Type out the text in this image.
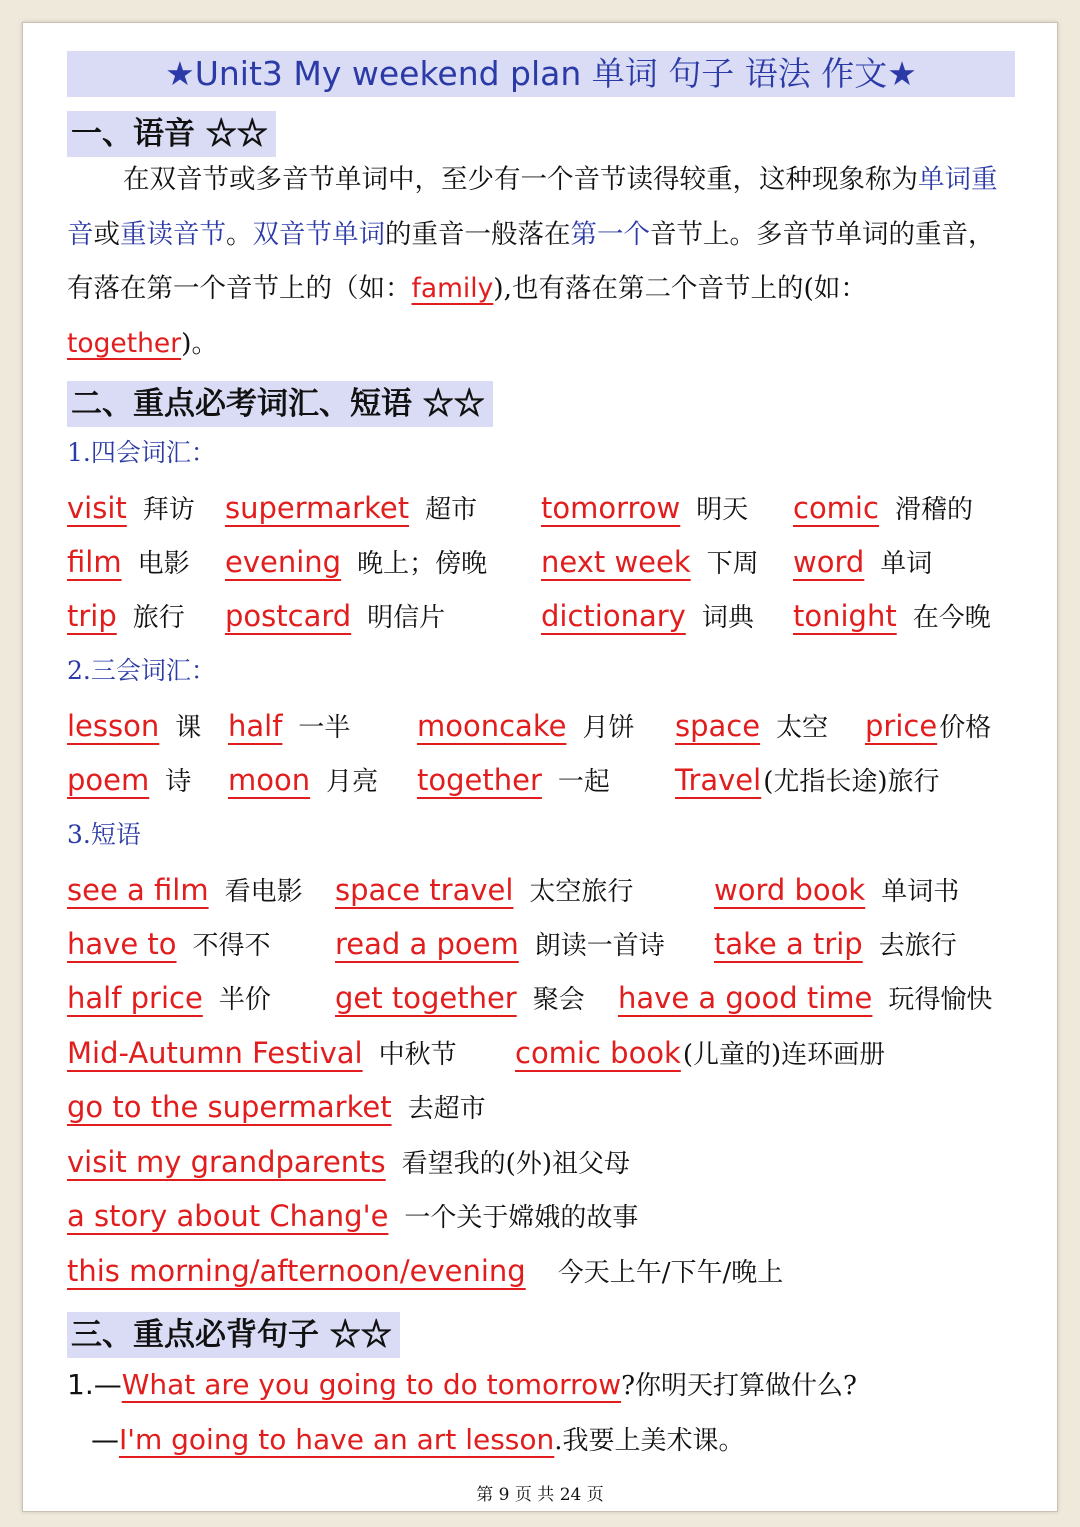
★Unit3 My weekend plan 单词 句子 语法 作文★
一、语音 ☆☆
在双音节或多音节单词中，至少有一个音节读得较重，这种现象称为单词重音或重读音节。双音节单词的重音一般落在第一个音节上。多音节单词的重音，有落在第一个音节上的（如：family),也有落在第二个音节上的(如：together)。
二、重点必考词汇、短语 ☆☆
1.四会词汇：
visit 拜访 supermarket 超市 tomorrow 明天 comic 滑稽的
film 电影 evening 晚上；傍晚 next week 下周 word 单词
trip 旅行 postcard 明信片	dictionary 词典 tonight 在今晚
2.三会词汇：
lesson 课 half 一半 mooncake 月饼 space 太空 price价格
poem 诗 moon 月亮 together 一起 Travel(尤指长途)旅行
3.短语
see a film 看电影 space travel 太空旅行	word book 单词书
have to 不得不 read a poem 朗读一首诗 take a trip 去旅行
half price 半价 get together 聚会 have a good time 玩得愉快
Mid-Autumn Festival 中秋节 comic book(儿童的)连环画册
go to the supermarket 去超市
visit my grandparents 看望我的(外)祖父母
a story about Chang'e 一个关于嫦娥的故事
this morning/afternoon/evening 今天上午/下午/晚上
三、重点必背句子 ☆☆
1.—What are you going to do tomorrow?你明天打算做什么?
—I'm going to have an art lesson.我要上美术课。
第 9 页 共 24 页
